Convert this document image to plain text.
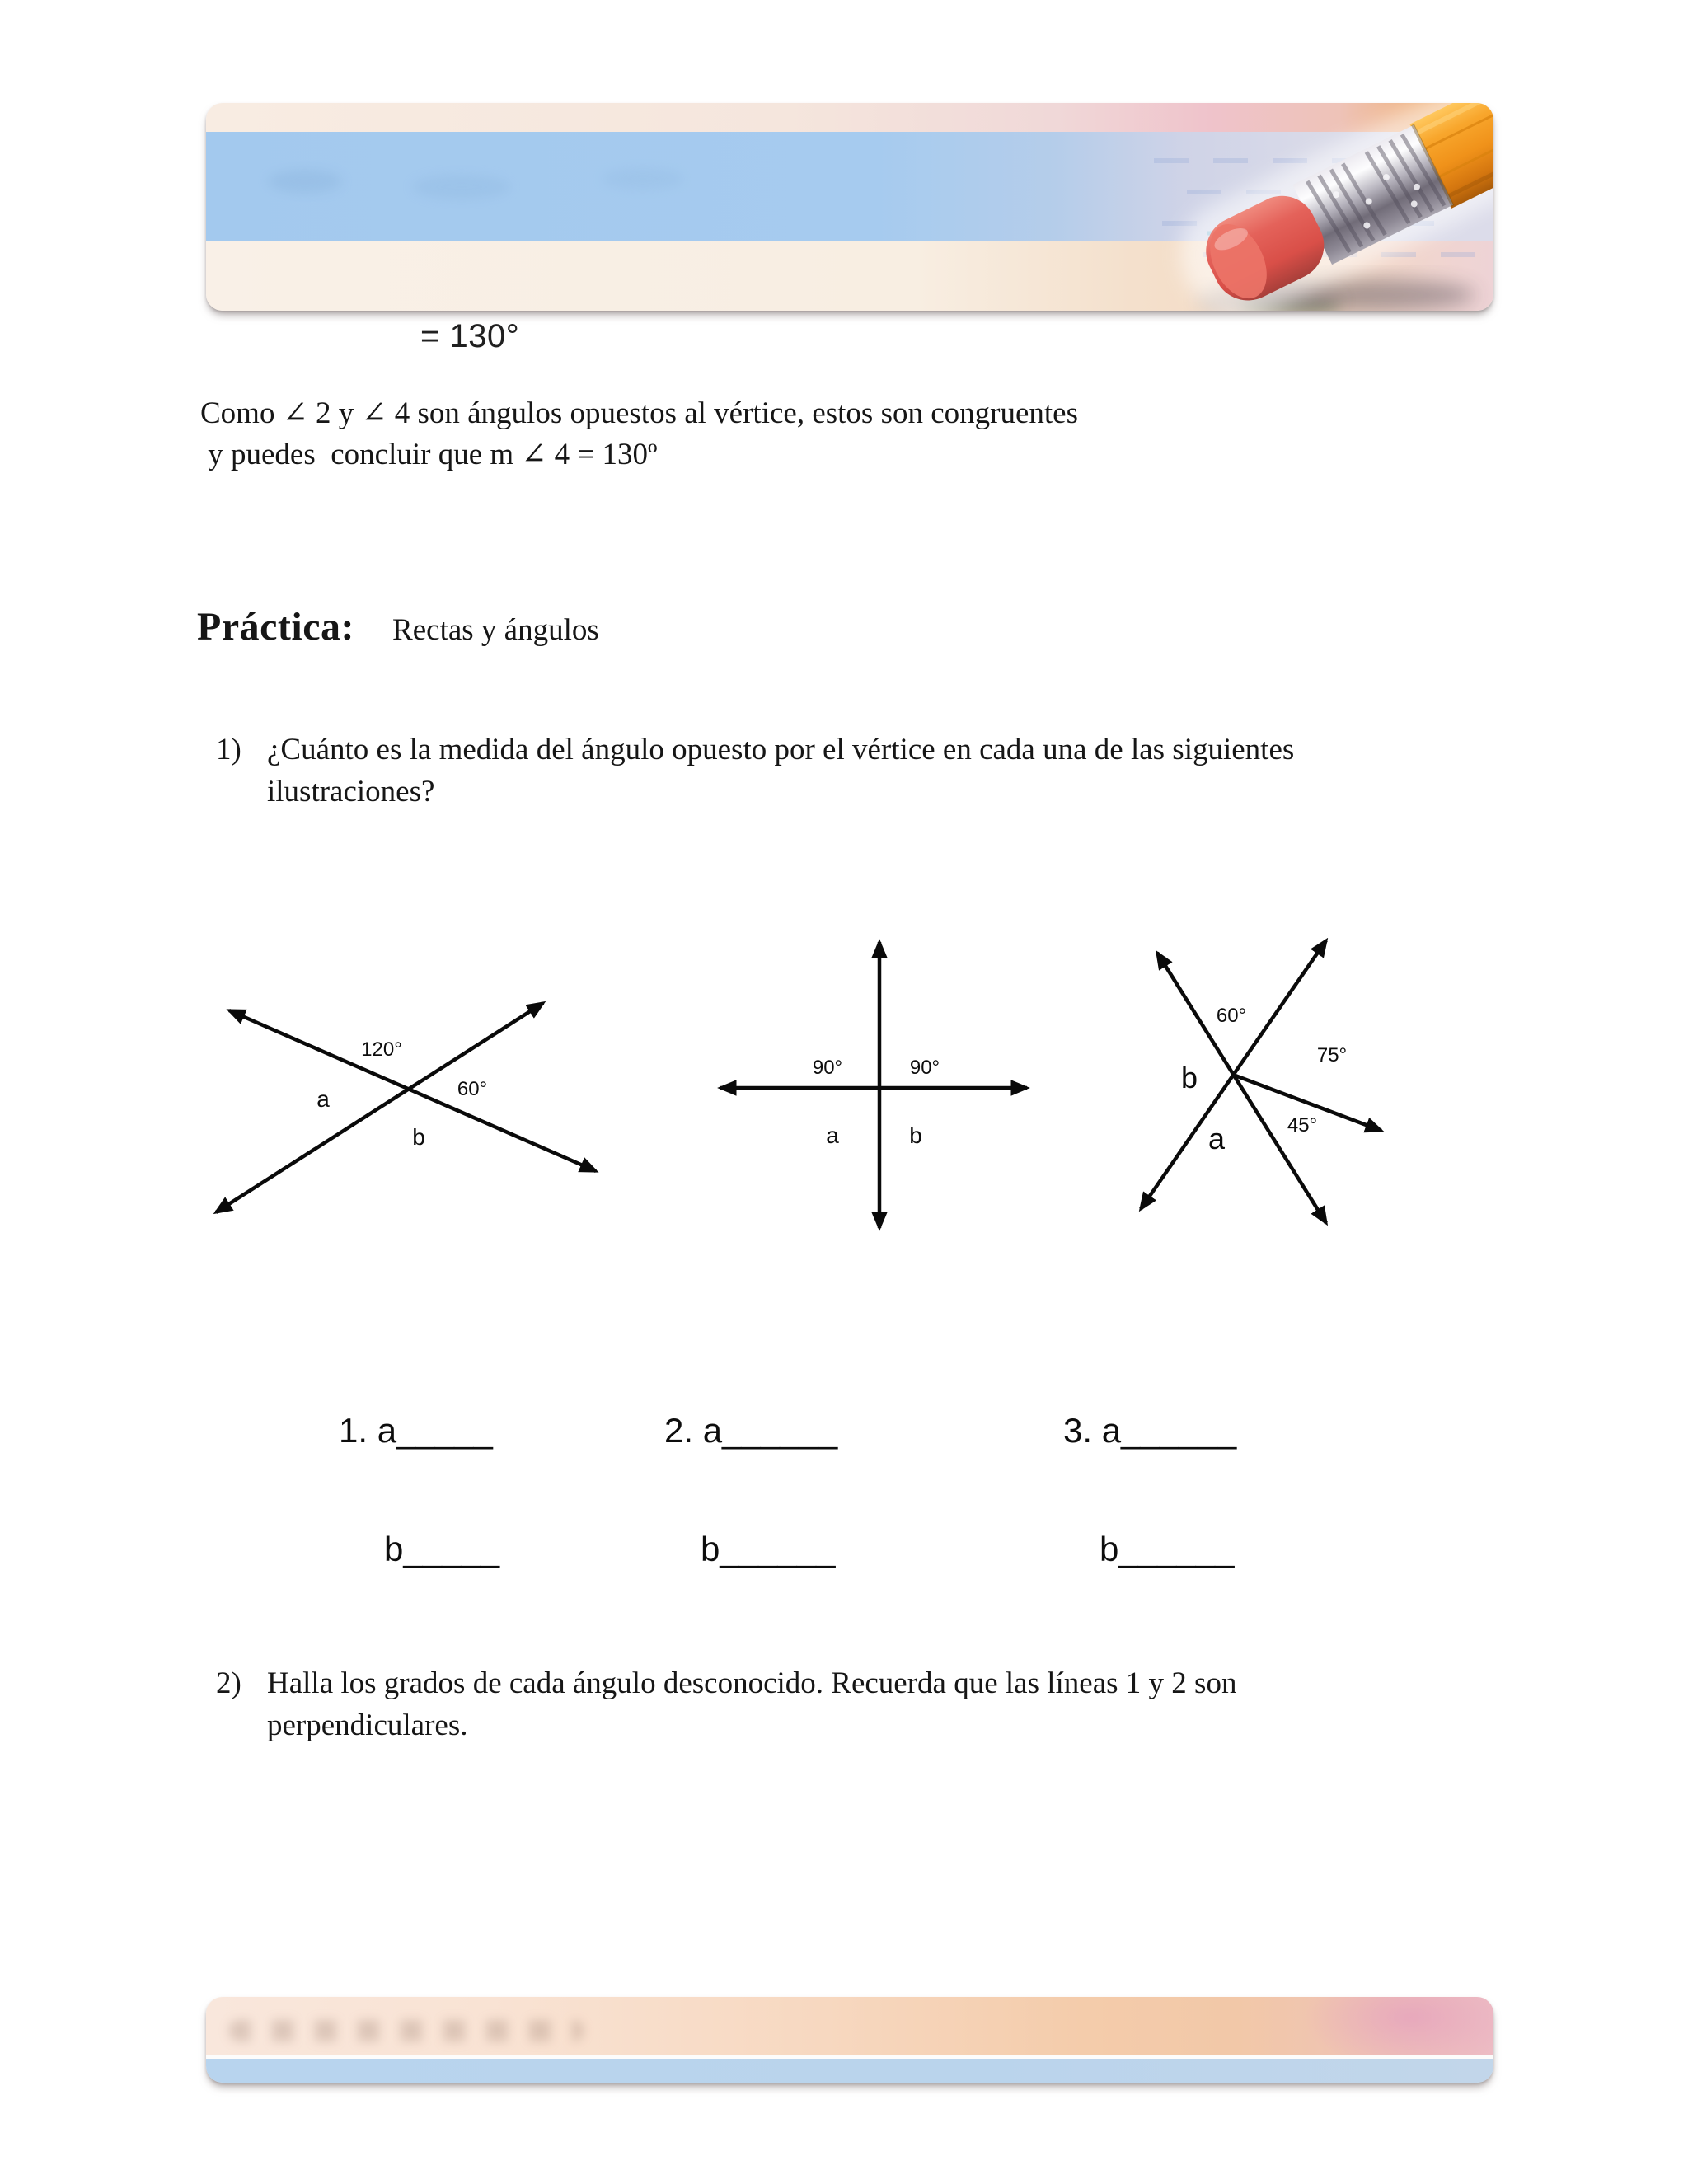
= 130°
Como ∠ 2 y ∠ 4 son ángulos opuestos al vértice, estos son congruentes
y puedes  concluir que m ∠ 4 = 130º
Práctica: Rectas y ángulos
1) ¿Cuánto es la medida del ángulo opuesto por el vértice en cada una de las siguientes
ilustraciones?
120°
60°
a
b
90°	90°
a	b
60°
75°
45°
b
a
1. a_____	2. a______	3. a______
b_____	b______	b______
2) Halla los grados de cada ángulo desconocido. Recuerda que las líneas 1 y 2 son
perpendiculares.
